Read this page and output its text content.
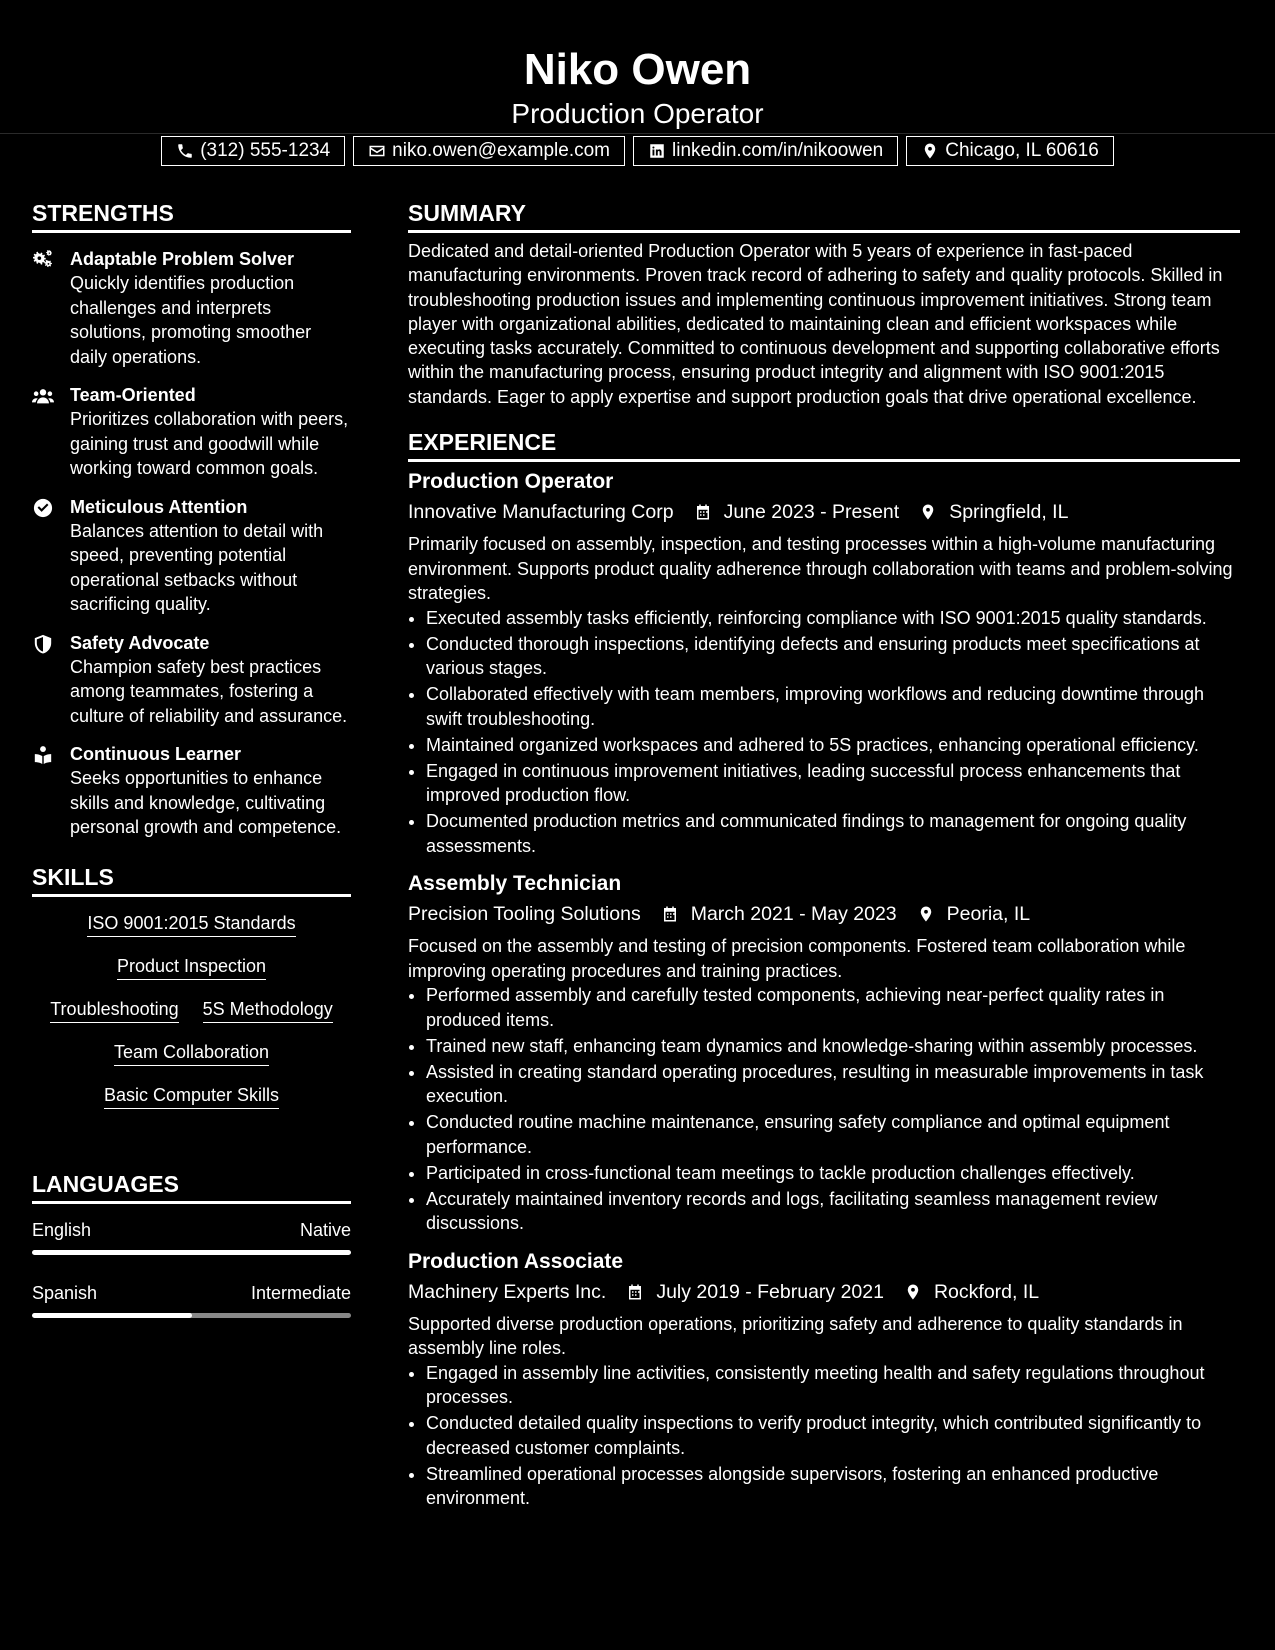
Niko Owen
Production Operator
(312) 555-1234	niko.owen@example.com	linkedin.com/in/nikoowen	Chicago, IL 60616
STRENGTHS
Adaptable Problem Solver
Quickly identifies production challenges and interprets solutions, promoting smoother daily operations.
Team-Oriented
Prioritizes collaboration with peers, gaining trust and goodwill while working toward common goals.
Meticulous Attention
Balances attention to detail with speed, preventing potential operational setbacks without sacrificing quality.
Safety Advocate
Champion safety best practices among teammates, fostering a culture of reliability and assurance.
Continuous Learner
Seeks opportunities to enhance skills and knowledge, cultivating personal growth and competence.
SKILLS
ISO 9001:2015 Standards
Product Inspection
Troubleshooting 5S Methodology
Team Collaboration
Basic Computer Skills
LANGUAGES
English	Native
Spanish	Intermediate
SUMMARY

Dedicated and detail-oriented Production Operator with 5 years of experience in fast-paced manufacturing environments. Proven track record of adhering to safety and quality protocols. Skilled in troubleshooting production issues and implementing continuous improvement initiatives. Strong team player with organizational abilities, dedicated to maintaining clean and efficient workspaces while executing tasks accurately. Committed to continuous development and supporting collaborative efforts within the manufacturing process, ensuring product integrity and alignment with ISO 9001:2015 standards. Eager to apply expertise and support production goals that drive operational excellence.

EXPERIENCE
Production Operator
Innovative Manufacturing Corp	June 2023 - Present	Springfield, IL
Primarily focused on assembly, inspection, and testing processes within a high-volume manufacturing environment. Supports product quality adherence through collaboration with teams and problem-solving strategies.
• Executed assembly tasks efficiently, reinforcing compliance with ISO 9001:2015 quality standards.
• Conducted thorough inspections, identifying defects and ensuring products meet specifications at various stages.
• Collaborated effectively with team members, improving workflows and reducing downtime through swift troubleshooting.
• Maintained organized workspaces and adhered to 5S practices, enhancing operational efficiency.
• Engaged in continuous improvement initiatives, leading successful process enhancements that improved production flow.
• Documented production metrics and communicated findings to management for ongoing quality assessments.
Assembly Technician
Precision Tooling Solutions	March 2021 - May 2023	Peoria, IL
Focused on the assembly and testing of precision components. Fostered team collaboration while improving operating procedures and training practices.
• Performed assembly and carefully tested components, achieving near-perfect quality rates in produced items.
• Trained new staff, enhancing team dynamics and knowledge-sharing within assembly processes.
• Assisted in creating standard operating procedures, resulting in measurable improvements in task execution.
• Conducted routine machine maintenance, ensuring safety compliance and optimal equipment performance.
• Participated in cross-functional team meetings to tackle production challenges effectively.
• Accurately maintained inventory records and logs, facilitating seamless management review discussions.
Production Associate
Machinery Experts Inc.	July 2019 - February 2021	Rockford, IL
Supported diverse production operations, prioritizing safety and adherence to quality standards in assembly line roles.
• Engaged in assembly line activities, consistently meeting health and safety regulations throughout processes.
• Conducted detailed quality inspections to verify product integrity, which contributed significantly to decreased customer complaints.
• Streamlined operational processes alongside supervisors, fostering an enhanced productive environment.
